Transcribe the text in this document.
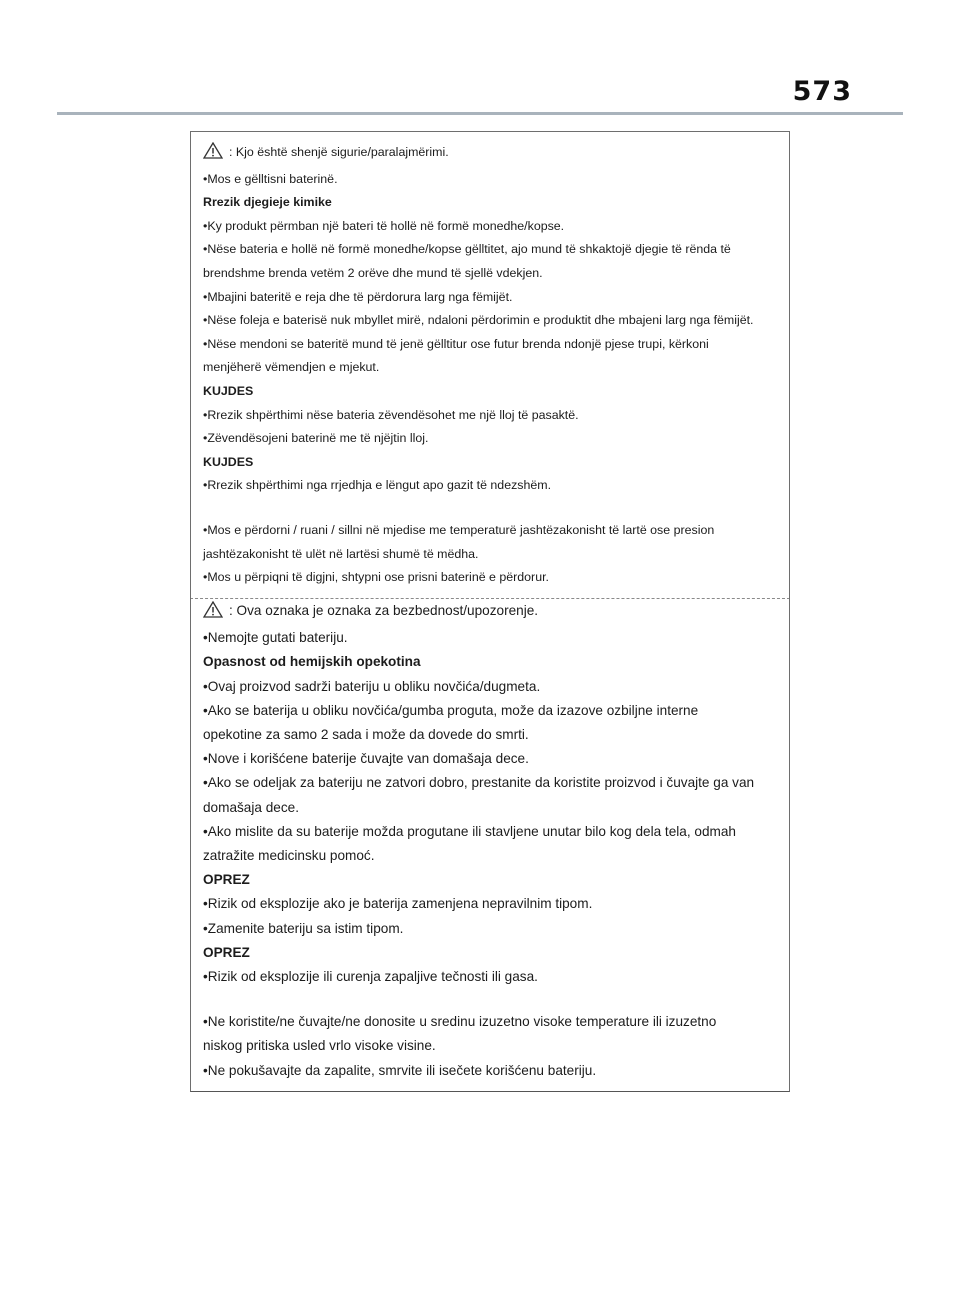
573
: Kjo është shenjë sigurie/paralajmërimi.
•Mos e gëlltisni baterinë.
Rrezik djegieje kimike
•Ky produkt përmban një bateri të hollë në formë monedhe/kopse.
•Nëse bateria e hollë në formë monedhe/kopse gëlltitet, ajo mund të shkaktojë djegie të rënda të brendshme brenda vetëm 2 orëve dhe mund të sjellë vdekjen.
•Mbajini bateritë e reja dhe të përdorura larg nga fëmijët.
•Nëse foleja e baterisë nuk mbyllet mirë, ndaloni përdorimin e produktit dhe mbajeni larg nga fëmijët.
•Nëse mendoni se bateritë mund të jenë gëlltitur ose futur brenda ndonjë pjese trupi, kërkoni menjëherë vëmendjen e mjekut.
KUJDES
•Rrezik shpërthimi nëse bateria zëvendësohet me një lloj të pasaktë.
•Zëvendësojeni baterinë me të njëjtin lloj.
KUJDES
•Rrezik shpërthimi nga rrjedhja e lëngut apo gazit të ndezshëm.
•Mos e përdorni / ruani / sillni në mjedise me temperaturë jashtëzakonisht të lartë ose presion jashtëzakonisht të ulët në lartësi shumë të mëdha.
•Mos u përpiqni të digjni, shtypni ose prisni baterinë e përdorur.
: Ova oznaka je oznaka za bezbednost/upozorenje.
•Nemojte gutati bateriju.
Opasnost od hemijskih opekotina
•Ovaj proizvod sadrži bateriju u obliku novčića/dugmeta.
•Ako se baterija u obliku novčića/gumba proguta, može da izazove ozbiljne interne opekotine za samo 2 sada i može da dovede do smrti.
•Nove i korišćene baterije čuvajte van domašaja dece.
•Ako se odeljak za bateriju ne zatvori dobro, prestanite da koristite proizvod i čuvajte ga van domašaja dece.
•Ako mislite da su baterije možda progutane ili stavljene unutar bilo kog dela tela, odmah zatražite medicinsku pomoć.
OPREZ
•Rizik od eksplozije ako je baterija zamenjena nepravilnim tipom.
•Zamenite bateriju sa istim tipom.
OPREZ
•Rizik od eksplozije ili curenja zapaljive tečnosti ili gasa.
•Ne koristite/ne čuvajte/ne donosite u sredinu izuzetno visoke temperature ili izuzetno niskog pritiska usled vrlo visoke visine.
•Ne pokušavajte da zapalite, smrvite ili isečete korišćenu bateriju.
